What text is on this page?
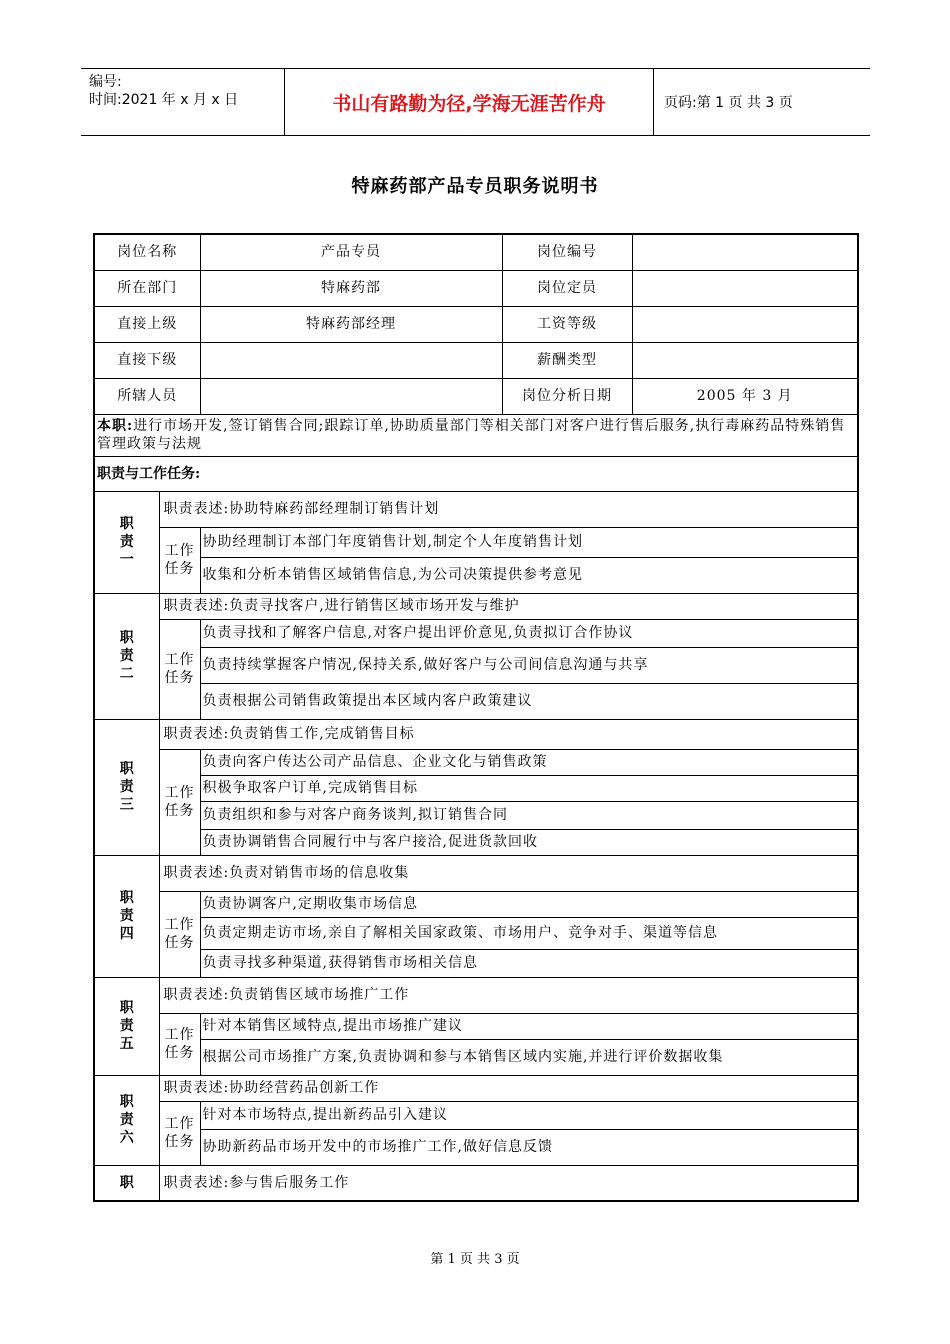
编号:
时间:2021 年 x 月 x 日	书山有路勤为径,学海无涯苦作舟	页码:第 1 页 共 3 页
特麻药部产品专员职务说明书
岗位名称		产品专员	岗位编号	
所在部门		特麻药部	岗位定员	
直接上级		特麻药部经理	工资等级	
直接下级			薪酬类型	
所辖人员			岗位分析日期	2005 年 3 月
本职:进行市场开发,签订销售合同;跟踪订单,协助质量部门等相关部门对客户进行售后服务,执行毒麻药品特殊销售管理政策与法规				
职责与工作任务:				

职
责
一	职责表述:协助特麻药部经理制订销售计划			

	工作
任务	协助经理制订本部门年度销售计划,制定个人年度销售计划		
		收集和分析本销售区域销售信息,为公司决策提供参考意见		

职
责
二	职责表述:负责寻找客户,进行销售区域市场开发与维护			

	工作
任务	负责寻找和了解客户信息,对客户提出评价意见,负责拟订合作协议		
		负责持续掌握客户情况,保持关系,做好客户与公司间信息沟通与共享		
		负责根据公司销售政策提出本区域内客户政策建议		

职
责
三	职责表述:负责销售工作,完成销售目标			

	工作
任务	负责向客户传达公司产品信息、企业文化与销售政策		
		积极争取客户订单,完成销售目标		
		负责组织和参与对客户商务谈判,拟订销售合同		
		负责协调销售合同履行中与客户接洽,促进货款回收		

职
责
四	职责表述:负责对销售市场的信息收集			

	工作
任务	负责协调客户,定期收集市场信息		
		负责定期走访市场,亲自了解相关国家政策、市场用户、竞争对手、渠道等信息		
		负责寻找多种渠道,获得销售市场相关信息		

职
责
五	职责表述:负责销售区域市场推广工作			

	工作
任务	针对本销售区域特点,提出市场推广建议		
		根据公司市场推广方案,负责协调和参与本销售区域内实施,并进行评价数据收集		

职
责
六	职责表述:协助经营药品创新工作			

	工作
任务	针对本市场特点,提出新药品引入建议		
		协助新药品市场开发中的市场推广工作,做好信息反馈		

职	职责表述:参与售后服务工作			
第 1 页 共 3 页
